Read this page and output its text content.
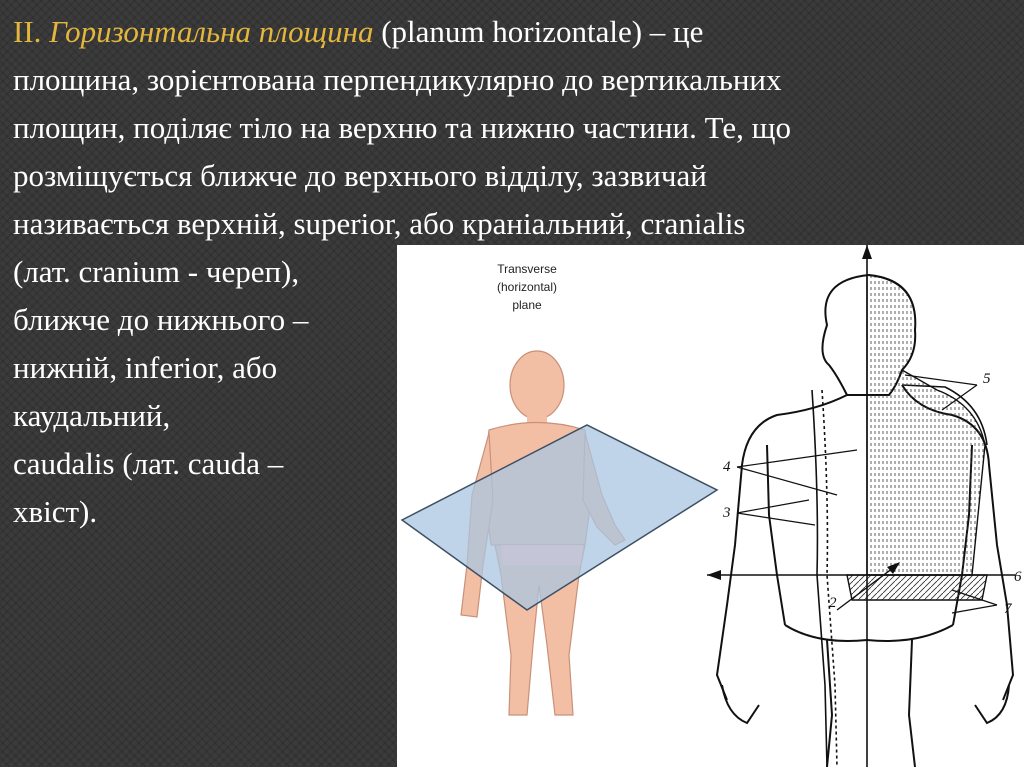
ІІ. Горизонтальна площина (planum horizontale) – це
площина, зорієнтована перпендикулярно до вертикальних
площин, поділяє тіло на верхню та нижню частини. Те, що
розміщується ближче до верхнього відділу, зазвичай
називається верхній, superior, або краніальний, cranialis
(лат. cranium - череп),
ближче до нижнього –
нижній, inferior, або
каудальний,
caudalis (лат. cauda –
хвіст).
Transverse
(horizontal)
plane
5
4
3
2
6
7
